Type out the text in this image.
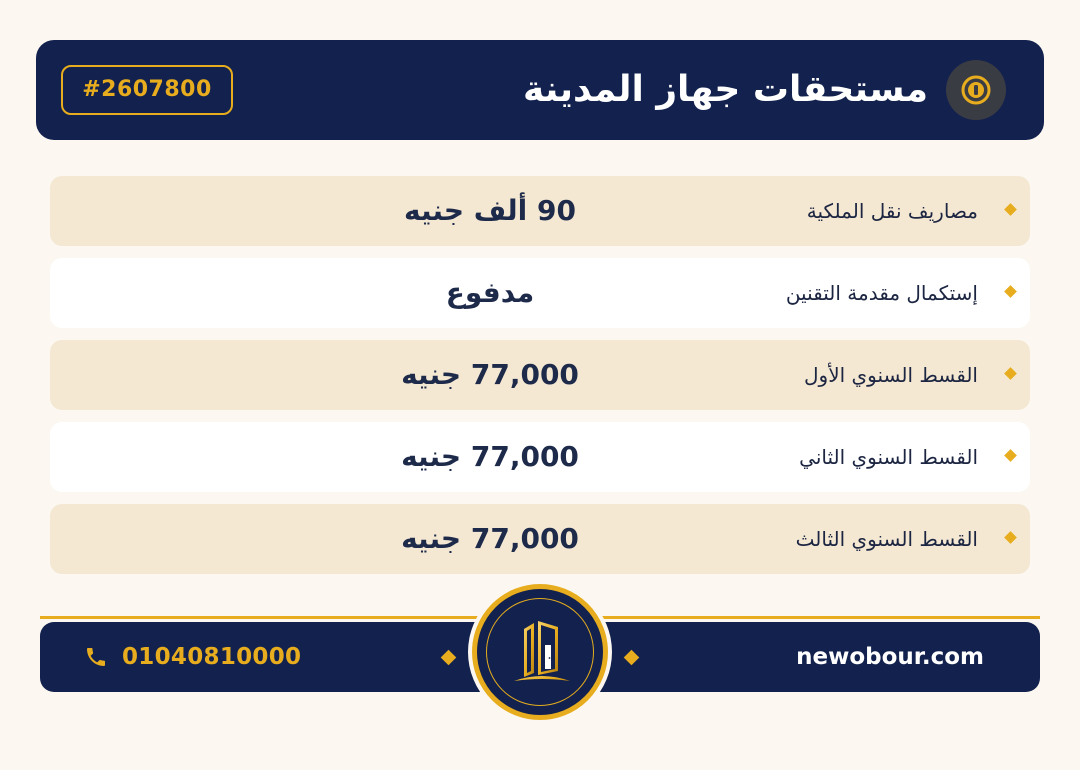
مستحقات جهاز المدينة
#2607800
مصاريف نقل الملكية
90 ألف جنيه
إستكمال مقدمة التقنين
مدفوع
القسط السنوي الأول
77,000 جنيه
القسط السنوي الثاني
77,000 جنيه
القسط السنوي الثالث
77,000 جنيه
01040810000	newobour.com
